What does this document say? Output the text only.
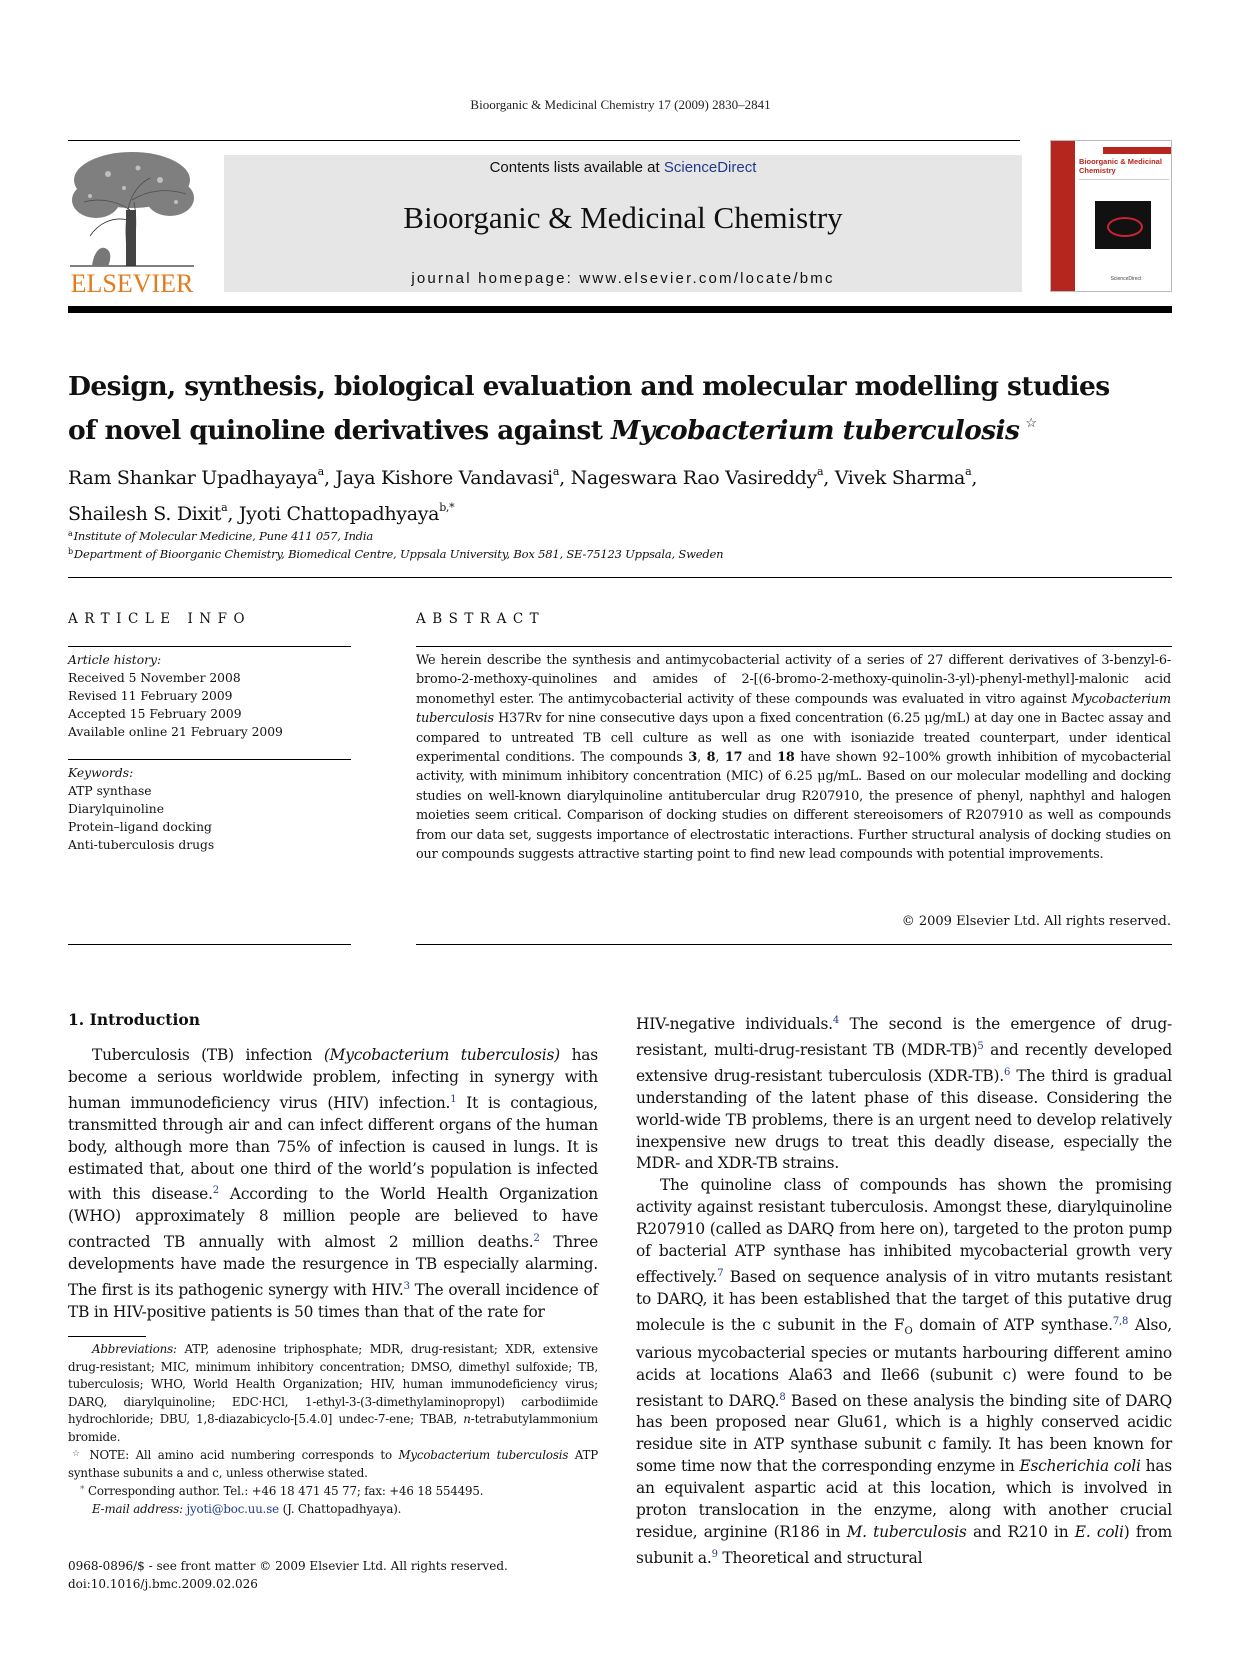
Bioorganic & Medicinal Chemistry 17 (2009) 2830–2841
ELSEVIER
Contents lists available at ScienceDirect
Bioorganic & Medicinal Chemistry
journal homepage: www.elsevier.com/locate/bmc
Bioorganic & Medicinal Chemistry
ScienceDirect
Design, synthesis, biological evaluation and molecular modelling studies
of novel quinoline derivatives against Mycobacterium tuberculosis ☆
Ram Shankar Upadhayaya$^a$, Jaya Kishore Vandavasi$^a$, Nageswara Rao Vasireddy$^a$, Vivek Sharma$^a$,
Shailesh S. Dixit$^a$, Jyoti Chattopadhyaya$^{b,*}$
$^a$Institute of Molecular Medicine, Pune 411 057, India
$^b$Department of Bioorganic Chemistry, Biomedical Centre, Uppsala University, Box 581, SE-75123 Uppsala, Sweden
ARTICLE INFO
Article history:
Received 5 November 2008
Revised 11 February 2009
Accepted 15 February 2009
Available online 21 February 2009
Keywords:
ATP synthase
Diarylquinoline
Protein–ligand docking
Anti-tuberculosis drugs
ABSTRACT
We herein describe the synthesis and antimycobacterial activity of a series of 27 different derivatives of 3-benzyl-6-bromo-2-methoxy-quinolines and amides of 2-[(6-bromo-2-methoxy-quinolin-3-yl)-phenyl-methyl]-malonic acid monomethyl ester. The antimycobacterial activity of these compounds was evaluated in vitro against Mycobacterium tuberculosis H37Rv for nine consecutive days upon a fixed concentration (6.25 μg/mL) at day one in Bactec assay and compared to untreated TB cell culture as well as one with isoniazide treated counterpart, under identical experimental conditions. The compounds 3, 8, 17 and 18 have shown 92–100% growth inhibition of mycobacterial activity, with minimum inhibitory concentration (MIC) of 6.25 μg/mL. Based on our molecular modelling and docking studies on well-known diarylquinoline antitubercular drug R207910, the presence of phenyl, naphthyl and halogen moieties seem critical. Comparison of docking studies on different stereoisomers of R207910 as well as compounds from our data set, suggests importance of electrostatic interactions. Further structural analysis of docking studies on our compounds suggests attractive starting point to find new lead compounds with potential improvements.
© 2009 Elsevier Ltd. All rights reserved.
1. Introduction

Tuberculosis (TB) infection (Mycobacterium tuberculosis) has become a serious worldwide problem, infecting in synergy with human immunodeficiency virus (HIV) infection.$^1$ It is contagious, transmitted through air and can infect different organs of the human body, although more than 75% of infection is caused in lungs. It is estimated that, about one third of the world’s population is infected with this disease.$^2$ According to the World Health Organization (WHO) approximately 8 million people are believed to have contracted TB annually with almost 2 million deaths.$^2$ Three developments have made the resurgence in TB especially alarming. The first is its pathogenic synergy with HIV.$^3$ The overall incidence of TB in HIV-positive patients is 50 times than that of the rate for

HIV-negative individuals.$^4$ The second is the emergence of drug-resistant, multi-drug-resistant TB (MDR-TB)$^5$ and recently developed extensive drug-resistant tuberculosis (XDR-TB).$^6$ The third is gradual understanding of the latent phase of this disease. Considering the world-wide TB problems, there is an urgent need to develop relatively inexpensive new drugs to treat this deadly disease, especially the MDR- and XDR-TB strains.

The quinoline class of compounds has shown the promising activity against resistant tuberculosis. Amongst these, diarylquinoline R207910 (called as DARQ from here on), targeted to the proton pump of bacterial ATP synthase has inhibited mycobacterial growth very effectively.$^7$ Based on sequence analysis of in vitro mutants resistant to DARQ, it has been established that the target of this putative drug molecule is the c subunit in the $F_O$ domain of ATP synthase.$^{7,8}$ Also, various mycobacterial species or mutants harbouring different amino acids at locations Ala63 and Ile66 (subunit c) were found to be resistant to DARQ.$^8$ Based on these analysis the binding site of DARQ has been proposed near Glu61, which is a highly conserved acidic residue site in ATP synthase subunit c family. It has been known for some time now that the corresponding enzyme in Escherichia coli has an equivalent aspartic acid at this location, which is involved in proton translocation in the enzyme, along with another crucial residue, arginine (R186 in M. tuberculosis and R210 in E. coli) from subunit a.$^9$ Theoretical and structural

Abbreviations: ATP, adenosine triphosphate; MDR, drug-resistant; XDR, extensive drug-resistant; MIC, minimum inhibitory concentration; DMSO, dimethyl sulfoxide; TB, tuberculosis; WHO, World Health Organization; HIV, human immunodeficiency virus; DARQ, diarylquinoline; EDC·HCl, 1-ethyl-3-(3-dimethylaminopropyl) carbodiimide hydrochloride; DBU, 1,8-diazabicyclo-[5.4.0] undec-7-ene; TBAB, n-tetrabutylammonium bromide.

☆ NOTE: All amino acid numbering corresponds to Mycobacterium tuberculosis ATP synthase subunits a and c, unless otherwise stated.

* Corresponding author. Tel.: +46 18 471 45 77; fax: +46 18 554495.

E-mail address: jyoti@boc.uu.se (J. Chattopadhyaya).

0968-0896/$ - see front matter © 2009 Elsevier Ltd. All rights reserved.
doi:10.1016/j.bmc.2009.02.026
